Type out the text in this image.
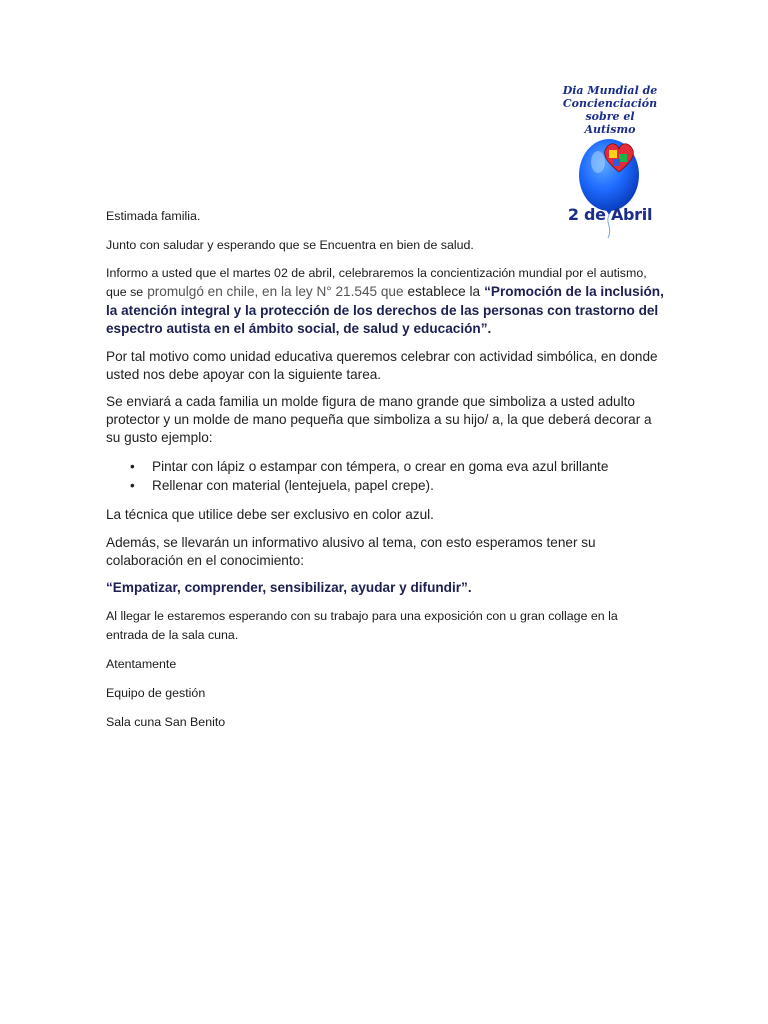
Dia Mundial de
Concienciación sobre el
Autismo
2 de Abril

Estimada familia.

Junto con saludar y esperando que se Encuentra en bien de salud.

Informo a usted que el martes 02 de abril, celebraremos la concientización mundial por el autismo, que se promulgó en chile, en la ley N° 21.545 que establece la “Promoción de la inclusión, la atención integral y la protección de los derechos de las personas con trastorno del espectro autista en el ámbito social, de salud y educación”.

Por tal motivo como unidad educativa queremos celebrar con actividad simbólica, en donde usted nos debe apoyar con la siguiente tarea.

Se enviará a cada familia un molde figura de mano grande que simboliza a usted adulto protector y un molde de mano pequeña que simboliza a su hijo/ a, la que deberá decorar a su gusto ejemplo:

• Pintar con lápiz o estampar con témpera, o crear en goma eva azul brillante
• Rellenar con material (lentejuela, papel crepe).

La técnica que utilice debe ser exclusivo en color azul.

Además, se llevarán un informativo alusivo al tema, con esto esperamos tener su colaboración en el conocimiento:

“Empatizar, comprender, sensibilizar, ayudar y difundir”.

Al llegar le estaremos esperando con su trabajo para una exposición con u gran collage en la entrada de la sala cuna.

Atentamente

Equipo de gestión

Sala cuna San Benito
